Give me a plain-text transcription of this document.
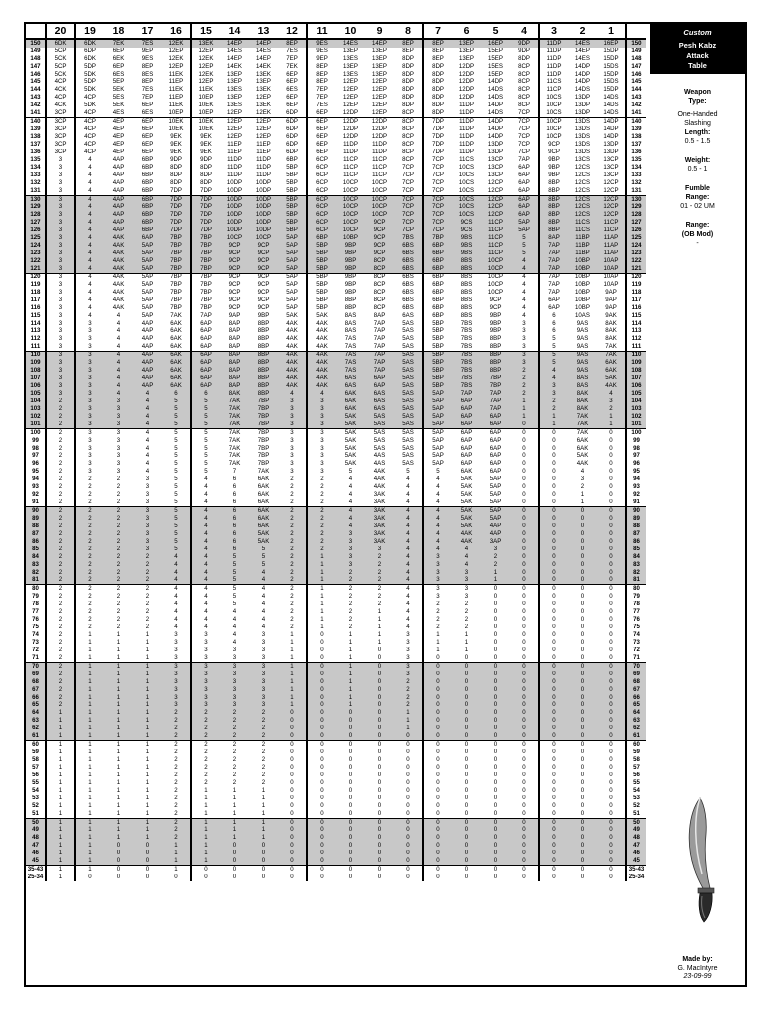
	20	19	18	17	16	15	14	13	12	11	10	9	8	7	6	5	4	3	2	1	
150	6DK	6DK	7EK	7ES	12EK	13EK	14EP	14EP	8EP	9ES	14ES	14EP	8EP	8EP	13EP	16EP	9DP	11DP	14ES	16EP	150
149	5CP	6DP	6EP	9EP	12EP	12EP	14ES	14ES	7ES	9ES	13EP	13EP	8EP	8EP	13EP	15EP	9DP	11DP	14EP	15DP	149
148	5CK	6DK	6EK	9ES	12EK	12EK	14EP	14EP	7EP	9EP	13ES	13EP	8DP	8EP	13EP	15EP	8DP	11DP	14ES	15DP	148
147	5CP	5DP	6EP	8EP	12EP	12EP	14EK	14EK	7EK	8EP	13EP	13EP	8DP	8DP	12DP	15ES	8CP	11DP	14DP	15DS	147
146	5CK	5DK	6ES	8ES	11EK	12EK	13EP	13EK	6EP	8EP	13ES	13EP	8DP	8DP	12DP	15EP	8CP	11DP	14DP	15DP	146
145	4CP	5DP	5EP	8EP	11EP	12EP	13EP	13EP	6EP	8EP	12EP	12EP	8DP	8DP	12DP	14DP	8CP	11CS	14DP	15DS	145
144	4CK	5DK	5EK	7ES	11EK	11EK	13ES	13EK	6ES	7EP	12EP	12EP	8DP	8DP	12DP	14DS	8CP	11CP	14DS	15DP	144
143	4CP	4CP	5ES	7EP	11EP	10EP	13EP	12EP	6EP	7EP	12EP	12EP	8DP	8DP	12DP	14DS	8CP	10CS	13DP	14DS	143
142	4CK	5DK	5EK	6EP	11EK	10EK	13ES	13EK	6EP	7ES	12EP	12EP	8DP	8DP	11DP	14DP	8CP	10CP	13DP	14DS	142
141	3CP	4CP	4ES	6ES	10EP	10EP	12EP	12EK	6DP	6EP	12DP	12EP	8CP	8DP	11DP	14DS	7CP	10CS	13DP	14DS	141
140	3CP	4CP	4EP	6EP	10EK	10EK	12EP	12EP	6DP	6EP	12DP	12DP	8CP	7DP	11DP	14DP	7CP	10CP	13DS	14DP	140
139	3CP	4CP	4EP	6EP	10EK	10EK	12EP	12EP	6DP	6EP	12DP	12DP	8CP	7DP	11DP	14DP	7CP	10CP	13DS	14DP	139
138	3CP	4CP	4EP	6EP	9EK	9EK	12EP	12EP	6DP	6EP	12DP	12DP	8CP	7DP	11DP	14DP	7CP	10CP	13DS	14DP	138
137	3CP	4CP	4EP	6EP	9EK	9EK	11EP	11EP	6DP	6EP	11DP	11DP	8CP	7DP	11DP	13DP	7CP	9CP	13DS	13DP	137
136	3CP	4CP	4EP	6EP	9EK	9EK	11EP	11EP	6DP	6EP	11DP	11DP	8CP	7DP	11DP	13DP	7CP	9CP	13DS	13DP	136
135	3	4	4AP	6BP	9DP	9DP	11DP	11DP	6BP	6CP	11CP	11CP	8CP	7CP	11CS	13CP	7AP	9BP	13CS	13CP	135
134	3	4	4AP	6BP	8DP	8DP	11DP	11DP	5BP	6CP	11CP	11CP	7CP	7CP	10CS	13CP	6AP	9BP	12CS	13CP	134
133	3	4	4AP	6BP	8DP	8DP	11DP	11DP	5BP	6CP	11CP	11CP	7CP	7CP	10CS	13CP	6AP	9BP	12CS	13CP	133
132	3	4	4AP	6BP	8DP	8DP	10DP	10DP	5BP	6CP	10CP	10CP	7CP	7CP	10CS	12CP	6AP	8BP	12CS	12CP	132
131	3	4	4AP	6BP	7DP	7DP	10DP	10DP	5BP	6CP	10CP	10CP	7CP	7CP	10CS	12CP	6AP	8BP	12CS	12CP	131
130	3	4	4AP	6BP	7DP	7DP	10DP	10DP	5BP	6CP	10CP	10CP	7CP	7CP	10CS	12CP	6AP	8BP	12CS	12CP	130
129	3	4	4AP	6BP	7DP	7DP	10DP	10DP	5BP	6CP	10CP	10CP	7CP	7CP	10CS	12CP	6AP	8BP	12CS	12CP	129
128	3	4	4AP	6BP	7DP	7DP	10DP	10DP	5BP	6CP	10CP	10CP	7CP	7CP	10CS	12CP	6AP	8BP	12CS	12CP	128
127	3	4	4AP	6BP	7DP	7DP	10DP	10DP	5BP	6CP	10CP	9CP	7CP	7CP	9CS	11CP	5AP	8BP	11CS	11CP	127
126	3	4	4AP	6BP	7DP	7DP	10DP	10DP	5BP	6CP	10CP	9CP	7CP	7CP	9CS	11CP	5AP	8BP	11CS	11CP	126
125	3	4	4AK	6AP	7BP	7BP	10CP	10CP	5AP	6BP	10BP	9CP	7BS	7BP	9BS	11CP	5	8AP	11BP	11AP	125
124	3	4	4AK	5AP	7BP	7BP	9CP	9CP	5AP	5BP	9BP	9CP	6BS	6BP	9BS	11CP	5	7AP	11BP	11AP	124
123	3	4	4AK	5AP	7BP	7BP	9CP	9CP	5AP	5BP	9BP	9CP	6BS	6BP	9BS	11CP	5	7AP	11BP	11AP	123
122	3	4	4AK	5AP	7BP	7BP	9CP	9CP	5AP	5BP	9BP	8CP	6BS	6BP	8BS	10CP	4	7AP	10BP	10AP	122
121	3	4	4AK	5AP	7BP	7BP	9CP	9CP	5AP	5BP	9BP	8CP	6BS	6BP	8BS	10CP	4	7AP	10BP	10AP	121
120	3	4	4AK	5AP	7BP	7BP	9CP	9CP	5AP	5BP	9BP	8CP	6BS	6BP	8BS	10CP	4	7AP	10BP	10AP	120
119	3	4	4AK	5AP	7BP	7BP	9CP	9CP	5AP	5BP	9BP	8CP	6BS	6BP	8BS	10CP	4	7AP	10BP	10AP	119
118	3	4	4AK	5AP	7BP	7BP	9CP	9CP	5AP	5BP	9BP	8CP	6BS	6BP	8BS	10CP	4	7AP	10BP	9AP	118
117	3	4	4AK	5AP	7BP	7BP	9CP	9CP	5AP	5BP	8BP	8CP	6BS	6BP	8BS	9CP	4	6AP	10BP	9AP	117
116	3	4	4AK	5AP	7BP	7BP	9CP	9CP	5AP	5BP	8BP	8CP	6BS	6BP	8BS	9CP	4	6AP	10BP	9AP	116
115	3	4	4	5AP	7AK	7AP	9AP	9BP	5AK	5AK	8AS	8AP	6AS	6BP	8BS	9BP	4	6	10AS	9AK	115
114	3	3	4	4AP	6AK	6AP	8AP	8BP	4AK	4AK	8AS	7AP	5AS	5BP	7BS	9BP	3	6	9AS	8AK	114
113	3	3	4	4AP	6AK	6AP	8AP	8BP	4AK	4AK	8AS	7AP	5AS	5BP	7BS	9BP	3	6	9AS	8AK	113
112	3	3	4	4AP	6AK	6AP	8AP	8BP	4AK	4AK	7AS	7AP	5AS	5BP	7BS	8BP	3	5	9AS	8AK	112
111	3	3	4	4AP	6AK	6AP	8AP	8BP	4AK	4AK	7AS	7AP	5AS	5BP	7BS	8BP	3	5	9AS	7AK	111
110	3	3	4	4AP	6AK	6AP	8AP	8BP	4AK	4AK	7AS	7AP	5AS	5BP	7BS	8BP	3	5	9AS	7AK	110
109	3	3	4	4AP	6AK	6AP	8AP	8BP	4AK	4AK	7AS	7AP	5AS	5BP	7BS	8BP	3	5	9AS	6AK	109
108	3	3	4	4AP	6AK	6AP	8AP	8BP	4AK	4AK	7AS	7AP	5AS	5BP	7BS	8BP	2	4	9AS	6AK	108
107	3	3	4	4AP	6AK	6AP	8AP	8BP	4AK	4AK	6AS	6AP	5AS	5BP	7BS	7BP	2	4	8AS	5AK	107
106	3	3	4	4AP	6AK	6AP	8AP	8BP	4AK	4AK	6AS	6AP	5AS	5BP	7BS	7BP	2	3	8AS	4AK	106
105	3	3	4	4	6	6	8AK	8BP	4	4	6AK	6AS	5AS	5AP	7AP	7AP	2	3	8AK	4	105
104	2	3	3	4	5	5	7AK	7BP	3	3	6AK	6AS	5AS	5AP	6AP	7AP	1	2	8AK	3	104
103	2	3	3	4	5	5	7AK	7BP	3	3	6AK	6AS	5AS	5AP	6AP	7AP	1	2	8AK	2	103
102	2	3	3	4	5	5	7AK	7BP	3	3	5AK	5AS	5AS	5AP	6AP	6AP	1	1	7AK	1	102
101	2	3	3	4	5	5	7AK	7BP	3	3	5AK	5AS	5AS	5AP	6AP	6AP	0	1	7AK	1	101
100	2	3	3	4	5	5	7AK	7BP	3	3	5AK	5AS	5AS	5AP	6AP	6AP	0	0	7AK	0	100
99	2	3	3	4	5	5	7AK	7BP	3	3	5AK	5AS	5AS	5AP	6AP	6AP	0	0	6AK	0	99
98	2	3	3	4	5	5	7AK	7BP	3	3	5AK	5AS	5AS	5AP	6AP	6AP	0	0	6AK	0	98
97	2	3	3	4	5	5	7AK	7BP	3	3	5AK	4AS	5AS	5AP	6AP	6AP	0	0	5AK	0	97
96	2	3	3	4	5	5	7AK	7BP	3	3	5AK	4AS	5AS	5AP	6AP	6AP	0	0	4AK	0	96
95	2	3	3	4	5	5	7	7AK	3	3	5	4AK	5	5	6AK	6AP	0	0	4	0	95
94	2	2	2	3	5	4	6	6AK	2	2	4	4AK	4	4	5AK	5AP	0	0	3	0	94
93	2	2	2	3	5	4	6	6AK	2	2	4	4AK	4	4	5AK	5AP	0	0	2	0	93
92	2	2	2	3	5	4	6	6AK	2	2	4	3AK	4	4	5AK	5AP	0	0	1	0	92
91	2	2	2	3	5	4	6	6AK	2	2	4	3AK	4	4	5AK	5AP	0	0	1	0	91
90	2	2	2	3	5	4	6	6AK	2	2	4	3AK	4	4	5AK	5AP	0	0	0	0	90
89	2	2	2	3	5	4	6	6AK	2	2	4	3AK	4	4	5AK	5AP	0	0	0	0	89
88	2	2	2	3	5	4	6	6AK	2	2	4	3AK	4	4	5AK	4AP	0	0	0	0	88
87	2	2	2	3	5	4	6	5AK	2	2	3	3AK	4	4	4AK	4AP	0	0	0	0	87
86	2	2	2	3	5	4	6	5AK	2	2	3	3AK	4	4	4AK	3AP	0	0	0	0	86
85	2	2	2	3	5	4	6	5	2	2	3	3	4	4	4	3	0	0	0	0	85
84	2	2	2	2	4	4	5	5	2	1	3	2	4	3	4	2	0	0	0	0	84
83	2	2	2	2	4	4	5	5	2	1	3	2	4	3	4	2	0	0	0	0	83
82	2	2	2	2	4	4	5	4	2	1	2	2	4	3	3	1	0	0	0	0	82
81	2	2	2	2	4	4	5	4	2	1	2	2	4	3	3	1	0	0	0	0	81
80	2	2	2	2	4	4	5	4	2	1	2	2	4	3	3	0	0	0	0	0	80
79	2	2	2	2	4	4	5	4	2	1	2	2	4	3	3	0	0	0	0	0	79
78	2	2	2	2	4	4	5	4	2	1	2	2	4	2	2	0	0	0	0	0	78
77	2	2	2	2	4	4	4	4	2	1	2	1	4	2	2	0	0	0	0	0	77
76	2	2	2	2	4	4	4	4	2	1	2	1	4	2	2	0	0	0	0	0	76
75	2	2	2	2	4	4	4	4	2	1	2	1	4	2	2	0	0	0	0	0	75
74	2	1	1	1	3	3	4	3	1	0	1	1	3	1	1	0	0	0	0	0	74
73	2	1	1	1	3	3	4	3	1	0	1	1	3	1	1	0	0	0	0	0	73
72	2	1	1	1	3	3	3	3	1	0	1	0	3	1	1	0	0	0	0	0	72
71	2	1	1	1	3	3	3	3	1	0	1	0	3	0	0	0	0	0	0	0	71
70	2	1	1	1	3	3	3	3	1	0	1	0	3	0	0	0	0	0	0	0	70
69	2	1	1	1	3	3	3	3	1	0	1	0	3	0	0	0	0	0	0	0	69
68	2	1	1	1	3	3	3	3	1	0	1	0	2	0	0	0	0	0	0	0	68
67	2	1	1	1	3	3	3	3	1	0	1	0	2	0	0	0	0	0	0	0	67
66	2	1	1	1	3	3	3	3	1	0	1	0	2	0	0	0	0	0	0	0	66
65	2	1	1	1	3	3	3	3	1	0	1	0	2	0	0	0	0	0	0	0	65
64	1	1	1	1	2	2	2	2	0	0	0	0	1	0	0	0	0	0	0	0	64
63	1	1	1	1	2	2	2	2	0	0	0	0	1	0	0	0	0	0	0	0	63
62	1	1	1	1	2	2	2	2	0	0	0	0	1	0	0	0	0	0	0	0	62
61	1	1	1	1	2	2	2	2	0	0	0	0	0	0	0	0	0	0	0	0	61
60	1	1	1	1	2	2	2	2	0	0	0	0	0	0	0	0	0	0	0	0	60
59	1	1	1	1	2	2	2	2	0	0	0	0	0	0	0	0	0	0	0	0	59
58	1	1	1	1	2	2	2	2	0	0	0	0	0	0	0	0	0	0	0	0	58
57	1	1	1	1	2	2	2	2	0	0	0	0	0	0	0	0	0	0	0	0	57
56	1	1	1	1	2	2	2	2	0	0	0	0	0	0	0	0	0	0	0	0	56
55	1	1	1	1	2	2	2	2	0	0	0	0	0	0	0	0	0	0	0	0	55
54	1	1	1	1	2	1	1	1	0	0	0	0	0	0	0	0	0	0	0	0	54
53	1	1	1	1	2	1	1	1	0	0	0	0	0	0	0	0	0	0	0	0	53
52	1	1	1	1	2	1	1	1	0	0	0	0	0	0	0	0	0	0	0	0	52
51	1	1	1	1	2	1	1	1	0	0	0	0	0	0	0	0	0	0	0	0	51
50	1	1	1	1	2	1	1	1	0	0	0	0	0	0	0	0	0	0	0	0	50
49	1	1	1	1	2	1	1	1	0	0	0	0	0	0	0	0	0	0	0	0	49
48	1	1	1	1	2	1	1	1	0	0	0	0	0	0	0	0	0	0	0	0	48
47	1	1	0	0	1	1	0	0	0	0	0	0	0	0	0	0	0	0	0	0	47
46	1	1	0	0	1	1	0	0	0	0	0	0	0	0	0	0	0	0	0	0	46
45	1	1	0	0	1	1	0	0	0	0	0	0	0	0	0	0	0	0	0	0	45
35-43	1	1	0	0	1	0	0	0	0	0	0	0	0	0	0	0	0	0	0	0	35-43
25-34	1	0	0	0	0	0	0	0	0	0	0	0	0	0	0	0	0	0	0	0	25-34
Custom
Pesh Kabz
Attack
Table
Weapon
Type:
One-Handed
Slashing
Length:
0.5 - 1.5
Weight:
0.5 - 1
Fumble
Range:
01 - 02 UM
Range:
(OB Mod)
-
Made by:
G. MacIntyre
23-09-99
